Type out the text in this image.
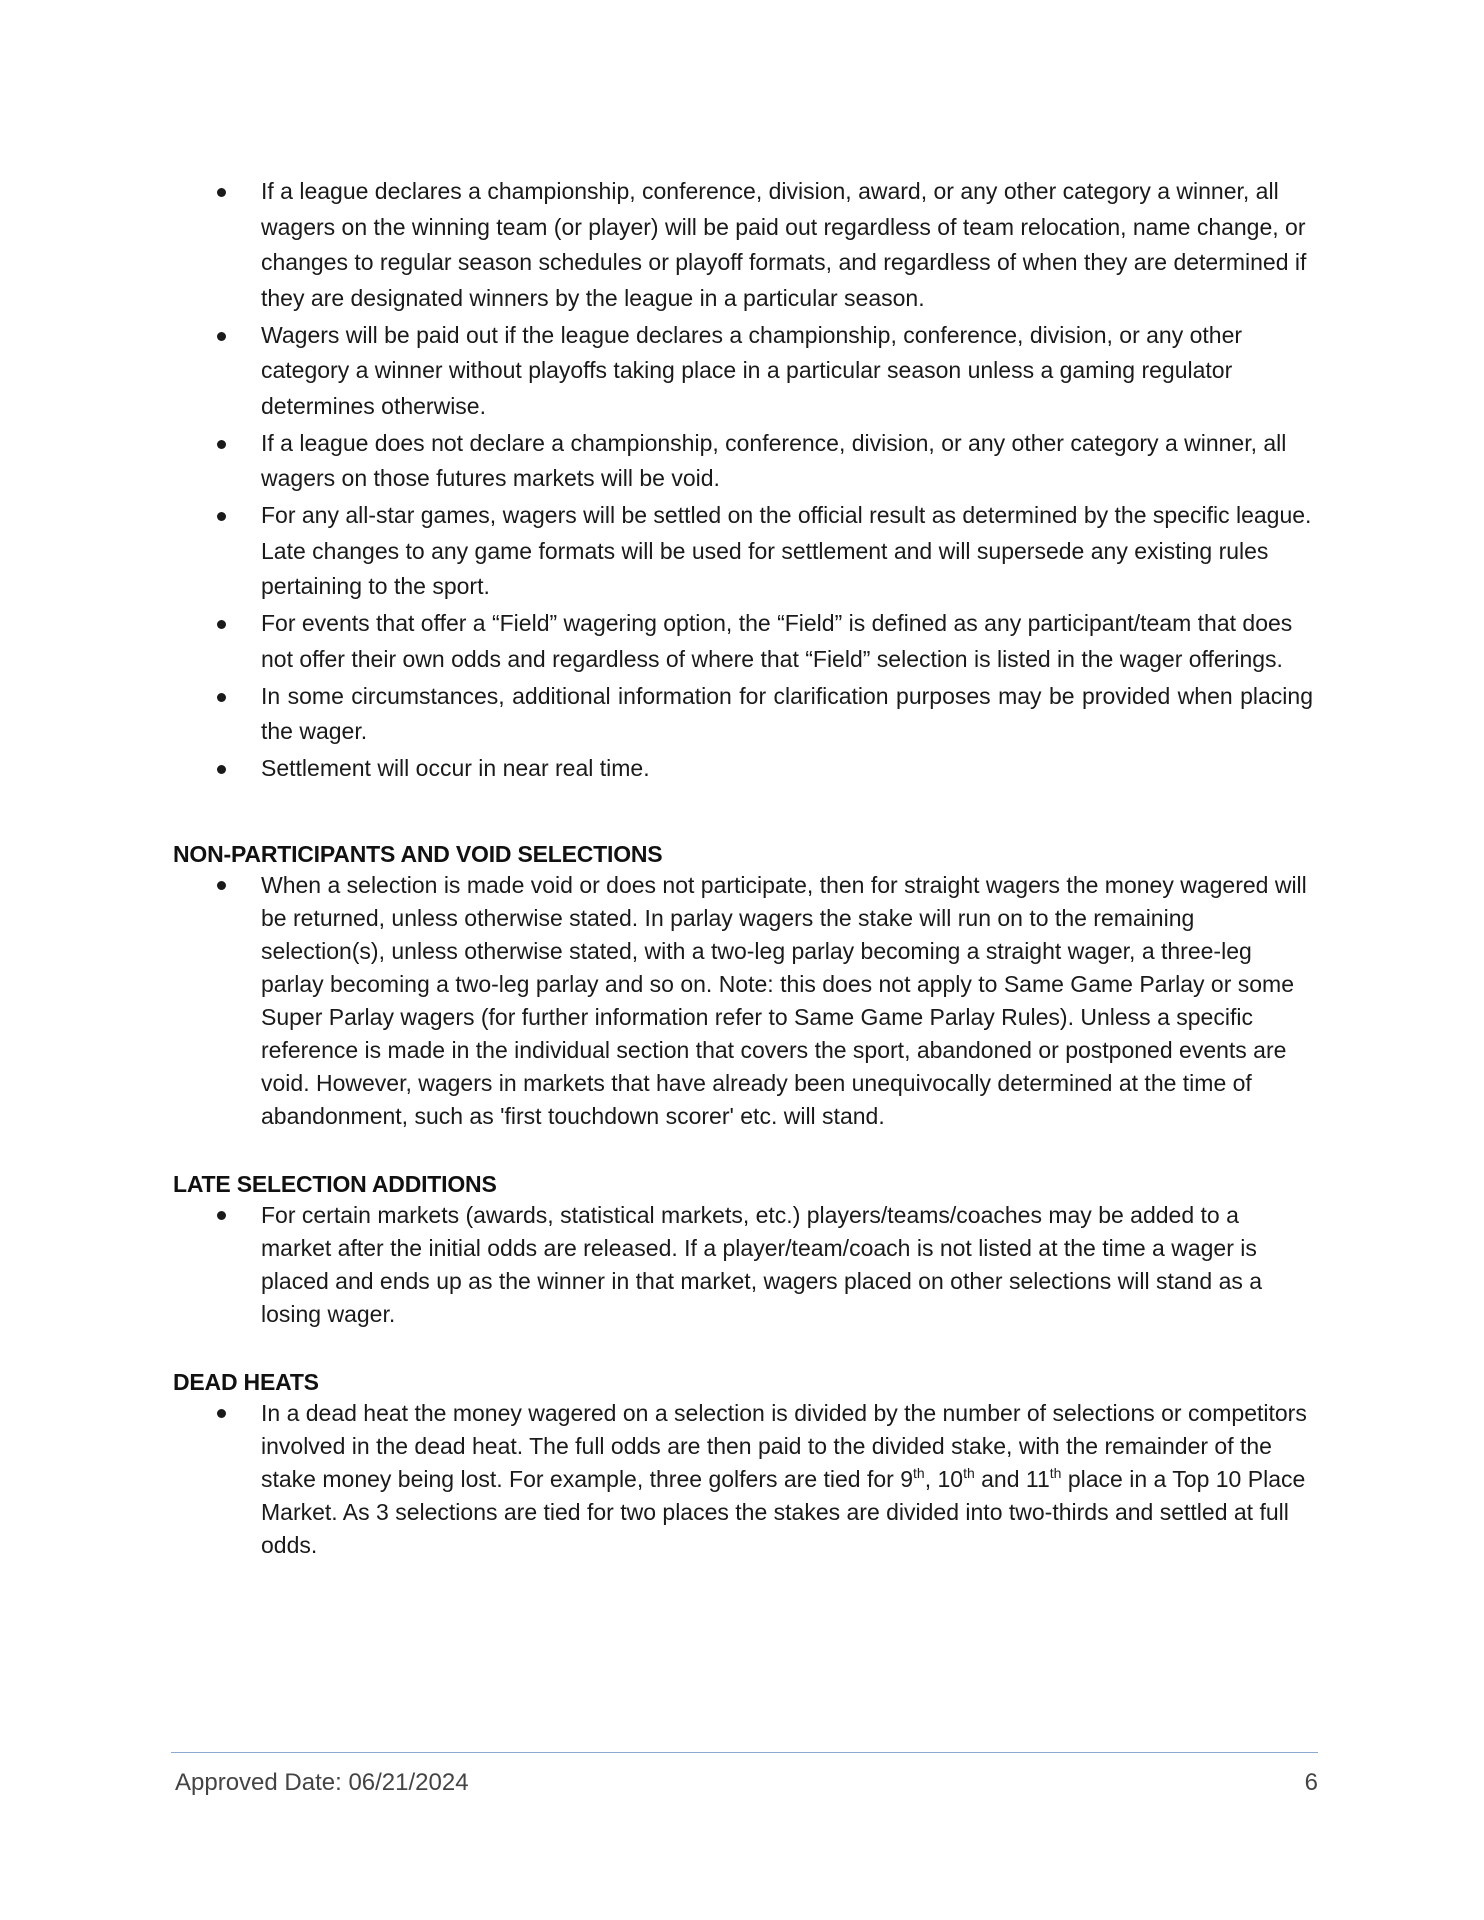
If a league declares a championship, conference, division, award, or any other category a winner, all wagers on the winning team (or player) will be paid out regardless of team relocation, name change, or changes to regular season schedules or playoff formats, and regardless of when they are determined if they are designated winners by the league in a particular season.
Wagers will be paid out if the league declares a championship, conference, division, or any other category a winner without playoffs taking place in a particular season unless a gaming regulator determines otherwise.
If a league does not declare a championship, conference, division, or any other category a winner, all wagers on those futures markets will be void.
For any all-star games, wagers will be settled on the official result as determined by the specific league. Late changes to any game formats will be used for settlement and will supersede any existing rules pertaining to the sport.
For events that offer a “Field” wagering option, the “Field” is defined as any participant/team that does not offer their own odds and regardless of where that “Field” selection is listed in the wager offerings.
In some circumstances, additional information for clarification purposes may be provided when placing the wager.
Settlement will occur in near real time.
NON-PARTICIPANTS AND VOID SELECTIONS
When a selection is made void or does not participate, then for straight wagers the money wagered will be returned, unless otherwise stated. In parlay wagers the stake will run on to the remaining selection(s), unless otherwise stated, with a two-leg parlay becoming a straight wager, a three-leg parlay becoming a two-leg parlay and so on. Note: this does not apply to Same Game Parlay or some Super Parlay wagers (for further information refer to Same Game Parlay Rules). Unless a specific reference is made in the individual section that covers the sport, abandoned or postponed events are void. However, wagers in markets that have already been unequivocally determined at the time of abandonment, such as 'first touchdown scorer' etc. will stand.
LATE SELECTION ADDITIONS
For certain markets (awards, statistical markets, etc.) players/teams/coaches may be added to a market after the initial odds are released. If a player/team/coach is not listed at the time a wager is placed and ends up as the winner in that market, wagers placed on other selections will stand as a losing wager.
DEAD HEATS
In a dead heat the money wagered on a selection is divided by the number of selections or competitors involved in the dead heat. The full odds are then paid to the divided stake, with the remainder of the stake money being lost. For example, three golfers are tied for 9th, 10th and 11th place in a Top 10 Place Market. As 3 selections are tied for two places the stakes are divided into two-thirds and settled at full odds.
Approved Date: 06/21/2024	6
